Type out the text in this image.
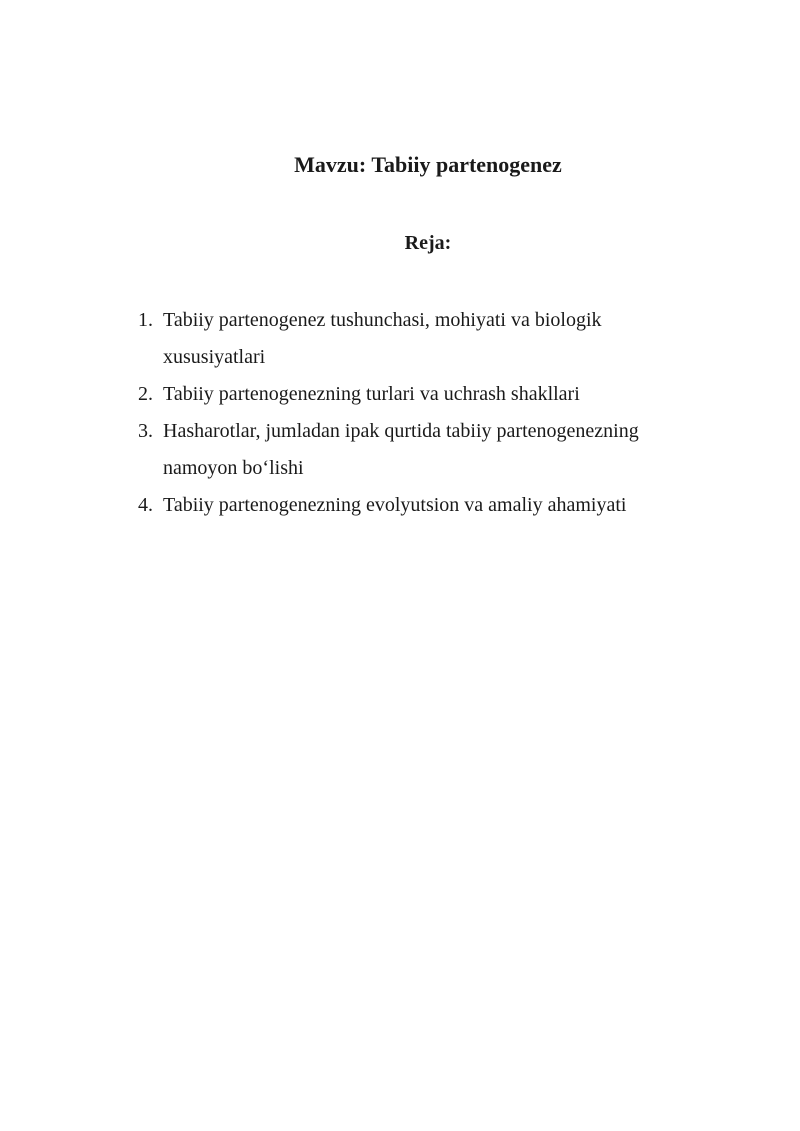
Mavzu: Tabiiy partenogenez
Reja:
1. Tabiiy partenogenez tushunchasi, mohiyati va biologik xususiyatlari
2. Tabiiy partenogenezning turlari va uchrash shakllari
3. Hasharotlar, jumladan ipak qurtida tabiiy partenogenezning namoyon bo‘lishi
4. Tabiiy partenogenezning evolyutsion va amaliy ahamiyati
